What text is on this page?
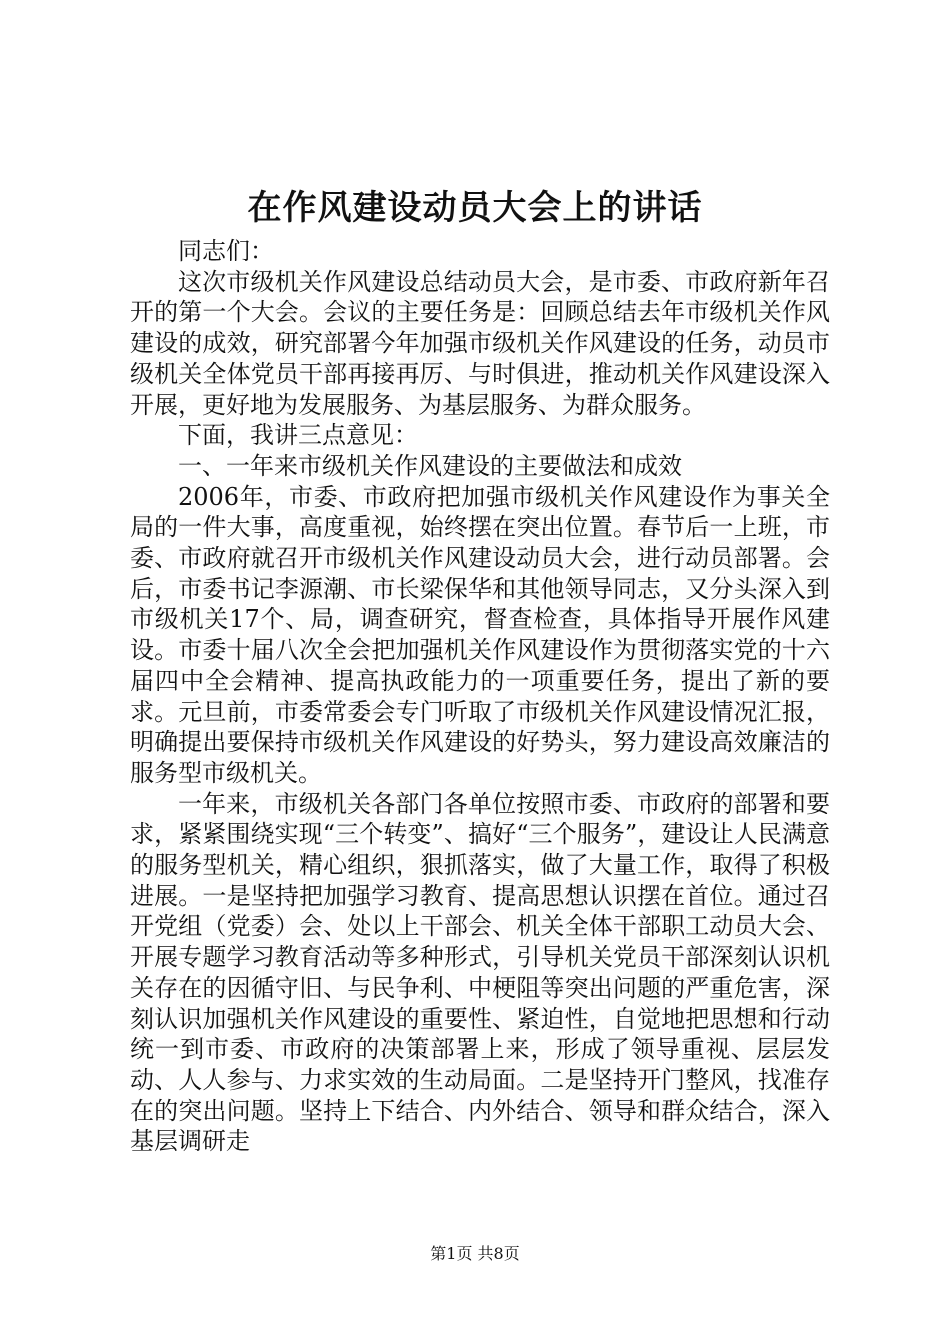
在作风建设动员大会上的讲话

同志们：

这次市级机关作风建设总结动员大会，是市委、市政府新年召开的第一个大会。会议的主要任务是：回顾总结去年市级机关作风建设的成效，研究部署今年加强市级机关作风建设的任务，动员市级机关全体党员干部再接再厉、与时俱进，推动机关作风建设深入开展，更好地为发展服务、为基层服务、为群众服务。

下面，我讲三点意见：

一、一年来市级机关作风建设的主要做法和成效

2006年，市委、市政府把加强市级机关作风建设作为事关全局的一件大事，高度重视，始终摆在突出位置。春节后一上班，市委、市政府就召开市级机关作风建设动员大会，进行动员部署。会后，市委书记李源潮、市长梁保华和其他领导同志，又分头深入到市级机关17个、局，调查研究，督查检查，具体指导开展作风建设。市委十届八次全会把加强机关作风建设作为贯彻落实党的十六届四中全会精神、提高执政能力的一项重要任务，提出了新的要求。元旦前，市委常委会专门听取了市级机关作风建设情况汇报，明确提出要保持市级机关作风建设的好势头，努力建设高效廉洁的服务型市级机关。

一年来，市级机关各部门各单位按照市委、市政府的部署和要求，紧紧围绕实现“三个转变”、搞好“三个服务”，建设让人民满意的服务型机关，精心组织，狠抓落实，做了大量工作，取得了积极进展。一是坚持把加强学习教育、提高思想认识摆在首位。通过召开党组（党委）会、处以上干部会、机关全体干部职工动员大会、开展专题学习教育活动等多种形式，引导机关党员干部深刻认识机关存在的因循守旧、与民争利、中梗阻等突出问题的严重危害，深刻认识加强机关作风建设的重要性、紧迫性，自觉地把思想和行动统一到市委、市政府的决策部署上来，形成了领导重视、层层发动、人人参与、力求实效的生动局面。二是坚持开门整风，找准存在的突出问题。坚持上下结合、内外结合、领导和群众结合，深入基层调研走

第1页 共8页
